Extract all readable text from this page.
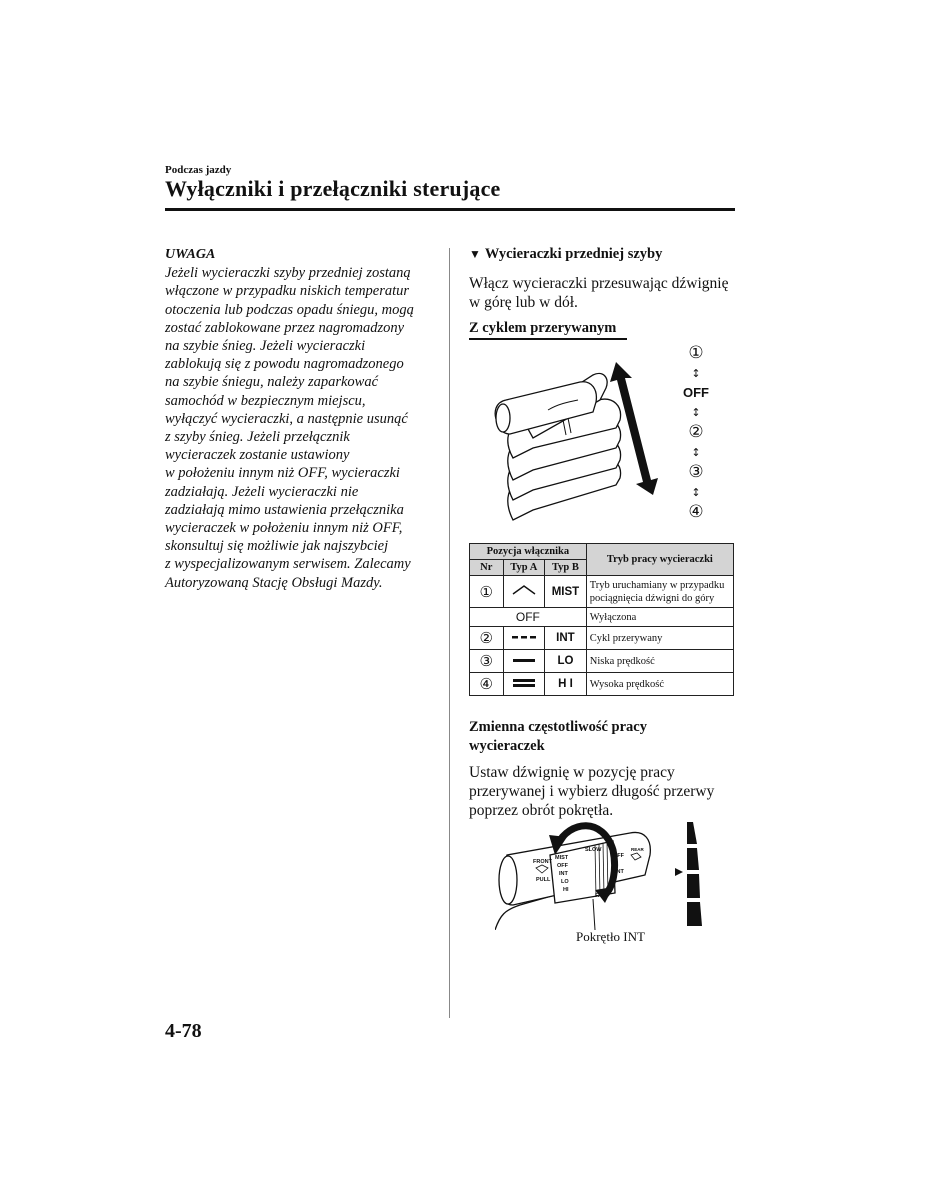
Podczas jazdy
Wyłączniki i przełączniki sterujące
UWAGA
Jeżeli wycieraczki szyby przedniej zostaną
włączone w przypadku niskich temperatur
otoczenia lub podczas opadu śniegu, mogą
zostać zablokowane przez nagromadzony
na szybie śnieg. Jeżeli wycieraczki
zablokują się z powodu nagromadzonego
na szybie śniegu, należy zaparkować
samochód w bezpiecznym miejscu,
wyłączyć wycieraczki, a następnie usunąć
z szyby śnieg. Jeżeli przełącznik
wycieraczek zostanie ustawiony
w położeniu innym niż OFF, wycieraczki
zadziałają. Jeżeli wycieraczki nie
zadziałają mimo ustawienia przełącznika
wycieraczek w położeniu innym niż OFF,
skonsultuj się możliwie jak najszybciej
z wyspecjalizowanym serwisem. Zalecamy
Autoryzowaną Stację Obsługi Mazdy.
▼ Wycieraczki przedniej szyby
Włącz wycieraczki przesuwając dźwignię
w górę lub w dół.
Z cyklem przerywanym
①
↕
OFF
↕
②
↕
③
↕
④
Pozycja włącznika			Tryb pracy wycieraczki
Nr	Typ A	Typ B	
①		MIST	Tryb uruchamiany w przypadku
pociągnięcia dźwigni do góry

OFF			Wyłączona
②		INT	Cykl przerywany
③		LO	Niska prędkość
④		H I	Wysoka prędkość
Zmienna częstotliwość pracy
wycieraczek
Ustaw dźwignię w pozycję pracy
przerywanej i wybierz długość przerwy
poprzez obrót pokrętła.
FRONT
PULL
MIST
OFF
INT
LO
HI
SLOW
FAST
OFF
INT
REAR
Pokrętło INT
4-78
